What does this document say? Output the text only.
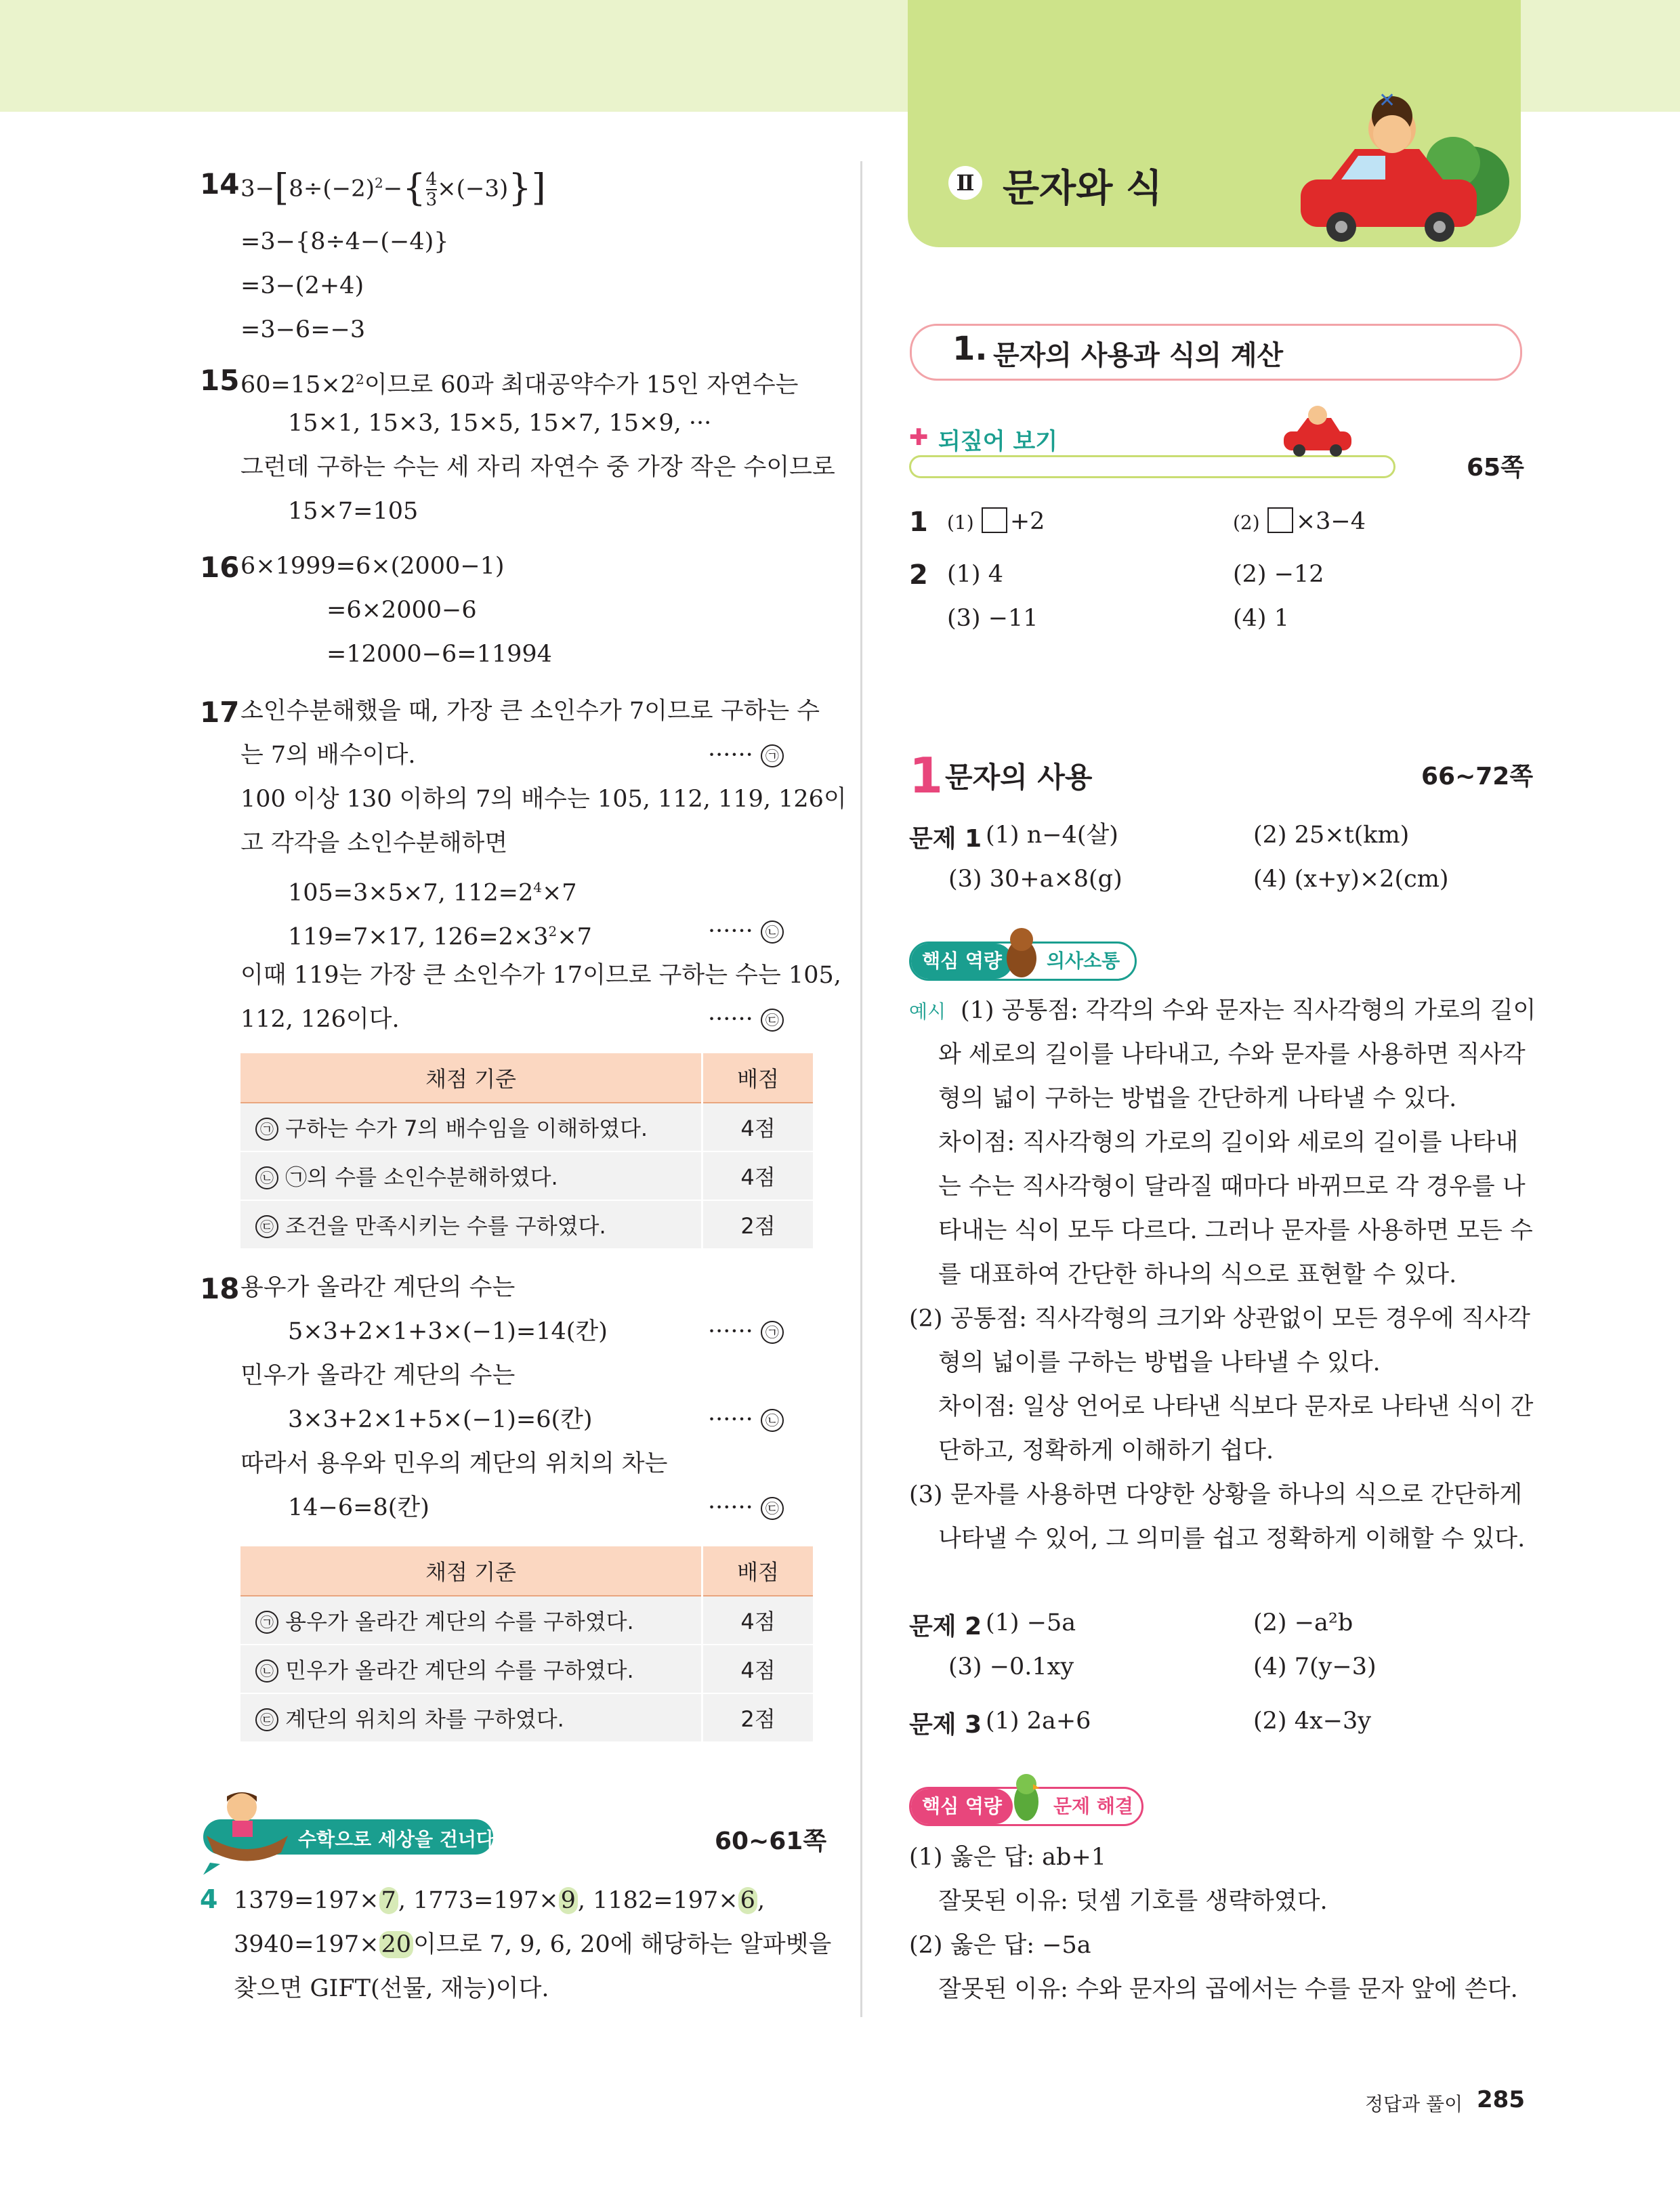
Ⅱ 문자와 식
✕
1. 문자의 사용과 식의 계산
✚ 되짚어 보기
65쪽
1 (1) +2	(2) ×3−4
2 (1) 4	(2) −12
(3) −11	(4) 1
1 문자의 사용	66~72쪽
문제 1 (1) n−4(살)	(2) 25×t(km)
(3) 30+a×8(g)	(4) (x+y)×2(cm)
핵심 역량	의사소통
예시 (1) 공통점: 각각의 수와 문자는 직사각형의 가로의 길이
와 세로의 길이를 나타내고, 수와 문자를 사용하면 직사각
형의 넓이 구하는 방법을 간단하게 나타낼 수 있다.
차이점: 직사각형의 가로의 길이와 세로의 길이를 나타내
는 수는 직사각형이 달라질 때마다 바뀌므로 각 경우를 나
타내는 식이 모두 다르다. 그러나 문자를 사용하면 모든 수
를 대표하여 간단한 하나의 식으로 표현할 수 있다.
(2) 공통점: 직사각형의 크기와 상관없이 모든 경우에 직사각
형의 넓이를 구하는 방법을 나타낼 수 있다.
차이점: 일상 언어로 나타낸 식보다 문자로 나타낸 식이 간
단하고, 정확하게 이해하기 쉽다.
(3) 문자를 사용하면 다양한 상황을 하나의 식으로 간단하게
나타낼 수 있어, 그 의미를 쉽고 정확하게 이해할 수 있다.
문제 2 (1) −5a	(2) −a²b
(3) −0.1xy	(4) 7(y−3)
문제 3 (1) 2a+6	(2) 4x−3y
핵심 역량	문제 해결
(1) 옳은 답: ab+1
잘못된 이유: 덧셈 기호를 생략하였다.
(2) 옳은 답: −5a
잘못된 이유: 수와 문자의 곱에서는 수를 문자 앞에 쓴다.
14 $3-[8\div(-2)^2-\{ \frac{4}{3} \times(-3)\}]$
=3−{8÷4−(−4)}
=3−(2+4)
=3−6=−3
15 $60=15\times 2^2$이므로 60과 최대공약수가 15인 자연수는
15×1, 15×3, 15×5, 15×7, 15×9, ···
그런데 구하는 수는 세 자리 자연수 중 가장 작은 수이므로
15×7=105
16 6×1999=6×(2000−1)
=6×2000−6
=12000−6=11994
17 소인수분해했을 때, 가장 큰 소인수가 7이므로 구하는 수
는 7의 배수이다.	······ ㉠
100 이상 130 이하의 7의 배수는 105, 112, 119, 126이
고 각각을 소인수분해하면
105=3×5×7, $112=2^4\times 7$
119=7×17, $126=2\times 3^2\times 7$	······ ㉡
이때 119는 가장 큰 소인수가 17이므로 구하는 수는 105,
112, 126이다.	······ ㉢
채점 기준	배점
㉠ 구하는 수가 7의 배수임을 이해하였다.	4점
㉡ ㉠의 수를 소인수분해하였다.	4점
㉢ 조건을 만족시키는 수를 구하였다.	2점
18 용우가 올라간 계단의 수는
5×3+2×1+3×(−1)=14(칸)	······ ㉠
민우가 올라간 계단의 수는
3×3+2×1+5×(−1)=6(칸)	······ ㉡
따라서 용우와 민우의 계단의 위치의 차는
14−6=8(칸)	······ ㉢
채점 기준	배점
㉠ 용우가 올라간 계단의 수를 구하였다.	4점
㉡ 민우가 올라간 계단의 수를 구하였다.	4점
㉢ 계단의 위치의 차를 구하였다.	2점
수학으로 세상을 건너다	60~61쪽
4 1379=197×7, 1773=197×9, 1182=197×6,
3940=197×20이므로 7, 9, 6, 20에 해당하는 알파벳을
찾으면 GIFT(선물, 재능)이다.
정답과 풀이 285
